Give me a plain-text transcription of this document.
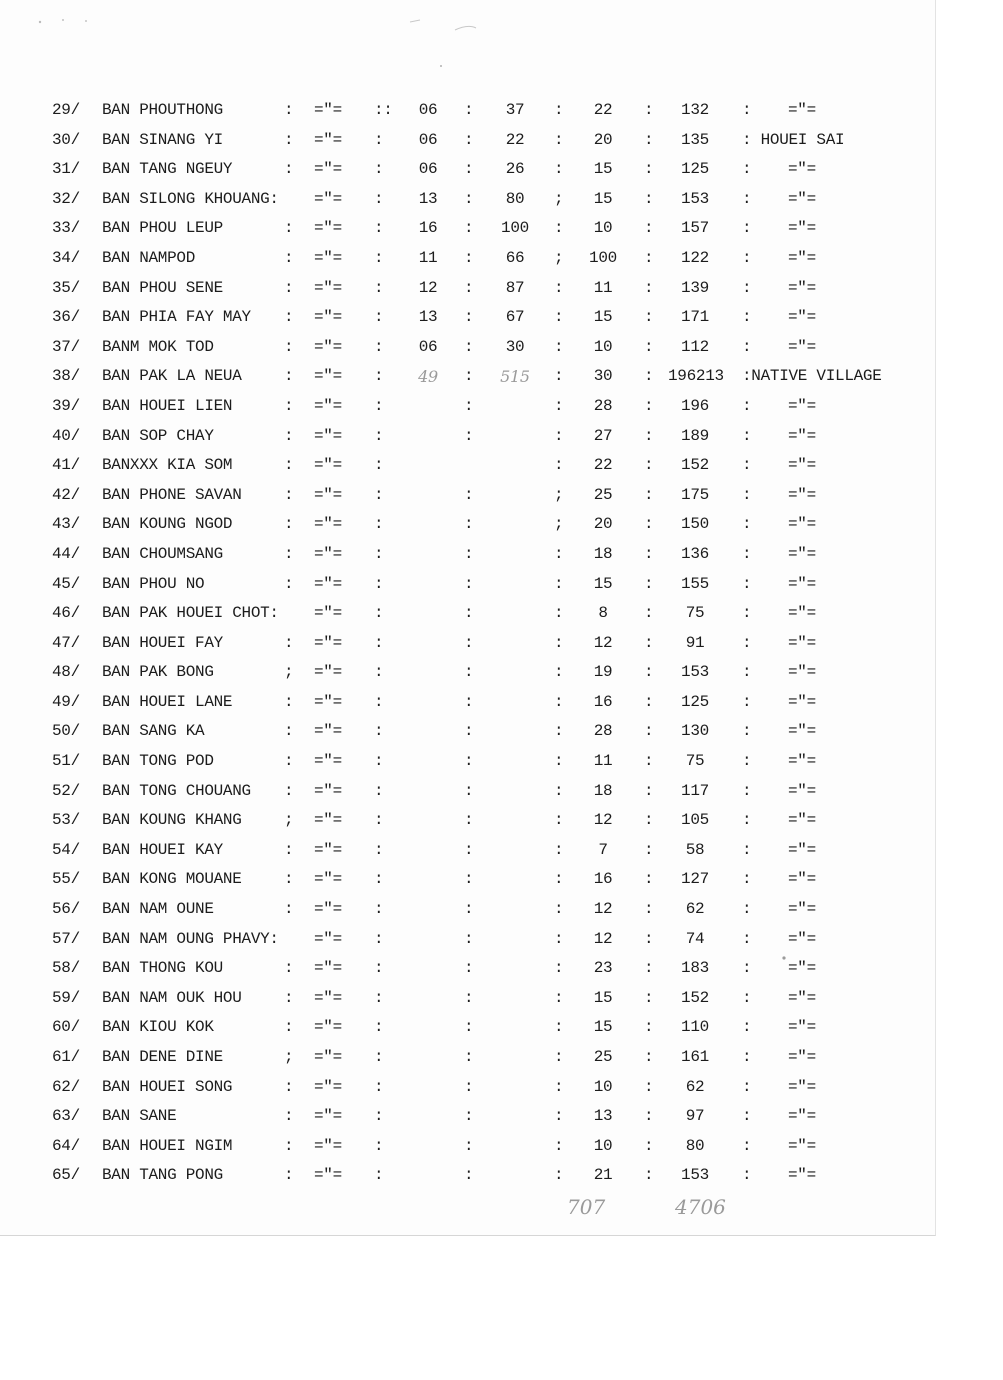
29/ BAN PHOUTHONG	: ="= ::	06	:	37	:	22	:	132	: ="=
30/ BAN SINANG YI	: ="= :	06	:	22	:	20	:	135	: HOUEI SAI
31/ BAN TANG NGEUY	: ="= :	06	:	26	:	15	:	125	: ="=
32/ BAN SILONG KHOUANG: ="= :	13	:	80	;	15	:	153	: ="=
33/ BAN PHOU LEUP	: ="= :	16	:	100	:	10	:	157	: ="=
34/ BAN NAMPOD	: ="= :	11	:	66	;	100	:	122	: ="=
35/ BAN PHOU SENE	: ="= :	12	:	87	:	11	:	139	: ="=
36/ BAN PHIA FAY MAY : ="= :	13	:	67	:	15	:	171	: ="=
37/ BANM MOK TOD	: ="= :	06	:	30	:	10	:	112	: ="=
38/ BAN PAK LA NEUA	: ="= :	49	:	515	:	30	: 196213 :NATIVE VILLAGE
39/ BAN HOUEI LIEN	: ="= :	:	:	28	:	196	: ="=
40/ BAN SOP CHAY	: ="= :	:	:	27	:	189	: ="=
41/ BANXXX KIA SOM	: ="= :	:	22	:	152	: ="=
42/ BAN PHONE SAVAN	: ="= :	:	;	25	:	175	: ="=
43/ BAN KOUNG NGOD	: ="= :	:	;	20	:	150	: ="=
44/ BAN CHOUMSANG	: ="= :	:	:	18	:	136	: ="=
45/ BAN PHOU NO	: ="= :	:	:	15	:	155	: ="=
46/ BAN PAK HOUEI CHOT: ="= :	:	:	8	:	75	: ="=
47/ BAN HOUEI FAY	: ="= :	:	:	12	:	91	: ="=
48/ BAN PAK BONG	; ="= :	:	:	19	:	153	: ="=
49/ BAN HOUEI LANE	: ="= :	:	:	16	:	125	: ="=
50/ BAN SANG KA	: ="= :	:	:	28	:	130	: ="=
51/ BAN TONG POD	: ="= :	:	:	11	:	75	: ="=
52/ BAN TONG CHOUANG : ="= :	:	:	18	:	117	: ="=
53/ BAN KOUNG KHANG	; ="= :	:	:	12	:	105	: ="=
54/ BAN HOUEI KAY	: ="= :	:	:	7	:	58	: ="=
55/ BAN KONG MOUANE	: ="= :	:	:	16	:	127	: ="=
56/ BAN NAM OUNE	: ="= :	:	:	12	:	62	: ="=
57/ BAN NAM OUNG PHAVY: ="= :	:	:	12	:	74	: ="=
58/ BAN THONG KOU	: ="= :	:	:	23	:	183	: ="=
59/ BAN NAM OUK HOU	: ="= :	:	:	15	:	152	: ="=
60/ BAN KIOU KOK	: ="= :	:	:	15	:	110	: ="=
61/ BAN DENE DINE	; ="= :	:	:	25	:	161	: ="=
62/ BAN HOUEI SONG	: ="= :	:	:	10	:	62	: ="=
63/ BAN SANE	: ="= :	:	:	13	:	97	: ="=
64/ BAN HOUEI NGIM	: ="= :	:	:	10	:	80	: ="=
65/ BAN TANG PONG	: ="= :	:	:	21	:	153	: ="=
707	4706
